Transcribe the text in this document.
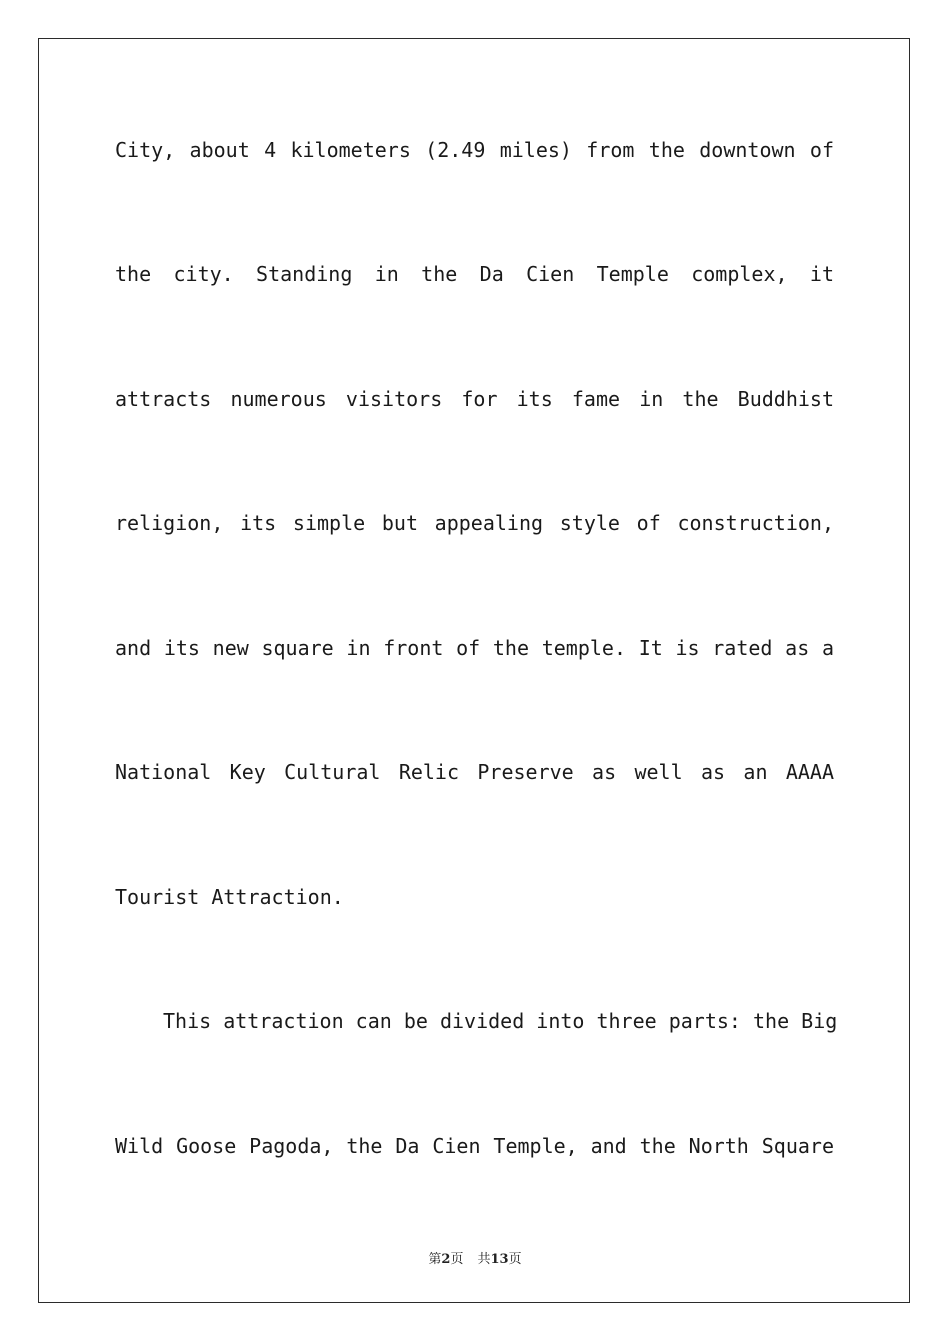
City, about 4 kilometers (2.49 miles) from the downtown of
the city. Standing in the Da Cien Temple complex, it
attracts numerous visitors for its fame in the Buddhist
religion, its simple but appealing style of construction,
and its new square in front of the temple. It is rated as a
National Key Cultural Relic Preserve as well as an AAAA
Tourist Attraction.
This attraction can be divided into three parts: the Big
Wild Goose Pagoda, the Da Cien Temple, and the North Square
第2页 共13页
